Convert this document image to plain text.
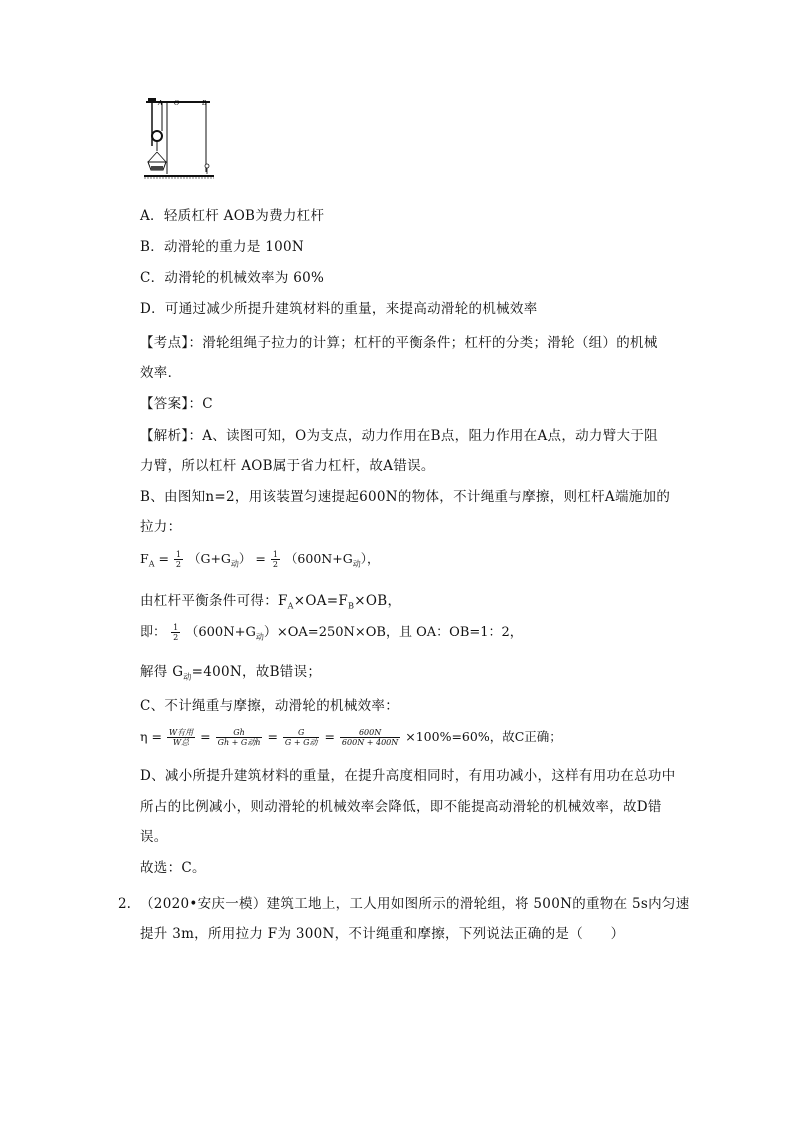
A O	B
A．轻质杠杆 AOB为费力杠杆
B．动滑轮的重力是 100N
C．动滑轮的机械效率为 60%
D．可通过减少所提升建筑材料的重量，来提高动滑轮的机械效率
【考点】：滑轮组绳子拉力的计算；杠杆的平衡条件；杠杆的分类；滑轮（组）的机械
效率．
【答案】：C
【解析】：A、读图可知，O为支点，动力作用在B点，阻力作用在A点，动力臂大于阻
力臂，所以杠杆 AOB属于省力杠杆，故A错误。
B、由图知n=2，用该装置匀速提起600N的物体，不计绳重与摩擦，则杠杆A端施加的
拉力：
$F_A = \frac{1}{2} (G+G_动) = \frac{1}{2} (600N+G_动)$，
由杠杆平衡条件可得：$F_A\times OA=F_B\times OB$，
即： $\frac{1}{2} (600N+G_动)\times OA=250N\times OB$，且 OA：OB=1：2，
解得 $G_动=400N$，故B错误；
C、不计绳重与摩擦，动滑轮的机械效率：
$\eta = \frac{\text{W有用}}{\text{W总}} = \frac{Gh}{\text{Gh + G动h}} = \frac{G}{\text{G + G动}} = \frac{600N}{600N + 400N} \times 100\%=60\%$，故C正确；
D、减小所提升建筑材料的重量，在提升高度相同时，有用功减小，这样有用功在总功中
所占的比例减小，则动滑轮的机械效率会降低，即不能提高动滑轮的机械效率，故D错
误。
故选：C。
2. （2020•安庆一模）建筑工地上，工人用如图所示的滑轮组，将 500N的重物在 5s内匀速
提升 3m，所用拉力 F为 300N，不计绳重和摩擦，下列说法正确的是（　　）
